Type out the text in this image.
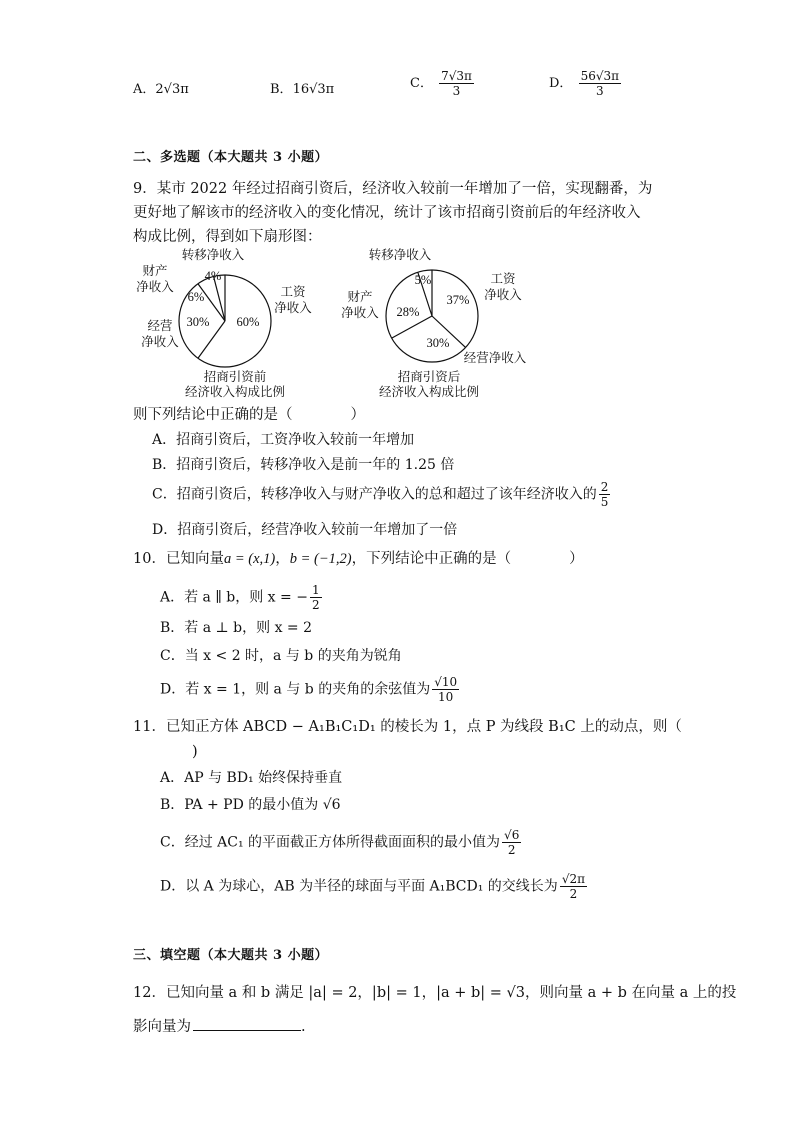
A．2√3π	B．16√3π	C． $\frac{7√3\pi}{3}$	D． $\frac{56√3\pi}{3}$
二、多选题（本大题共 3 小题）
9．某市 2022 年经过招商引资后，经济收入较前一年增加了一倍，实现翻番，为
更好地了解该市的经济收入的变化情况，统计了该市招商引资前后的年经济收入
构成比例，得到如下扇形图：
60%
工资
净收入
30%
经营
净收入
6%
财产
净收入
4%
转移净收入
招商引资前
经济收入构成比例
37%
工资
净收入
30%
经营净收入
28%
财产
净收入
5%
转移净收入
招商引资后
经济收入构成比例
则下列结论中正确的是（　　　　）
A．招商引资后，工资净收入较前一年增加
B．招商引资后，转移净收入是前一年的 1.25 倍
C．招商引资后，转移净收入与财产净收入的总和超过了该年经济收入的 $\frac{2}{5}$
D．招商引资后，经营净收入较前一年增加了一倍
10．已知向量a = (x,1)，b = (−1,2)，下列结论中正确的是（　　　　）
A．若 a ∥ b，则 x = − $\frac{1}{2}$
B．若 a ⊥ b，则 x = 2
C．当 x < 2 时，a 与 b 的夹角为锐角
D．若 x = 1，则 a 与 b 的夹角的余弦值为 $\frac{√10}{10}$
11．已知正方体 ABCD − A₁B₁C₁D₁ 的棱长为 1，点 P 为线段 B₁C 上的动点，则（
)
A．AP 与 BD₁ 始终保持垂直
B．PA + PD 的最小值为 √6
C．经过 AC₁ 的平面截正方体所得截面面积的最小值为 $\frac{√6}{2}$
D．以 A 为球心，AB 为半径的球面与平面 A₁BCD₁ 的交线长为 $\frac{√2\pi}{2}$
三、填空题（本大题共 3 小题）
12．已知向量 a 和 b 满足 |a| = 2，|b| = 1，|a + b| = √3，则向量 a + b 在向量 a 上的投
影向量为	.
